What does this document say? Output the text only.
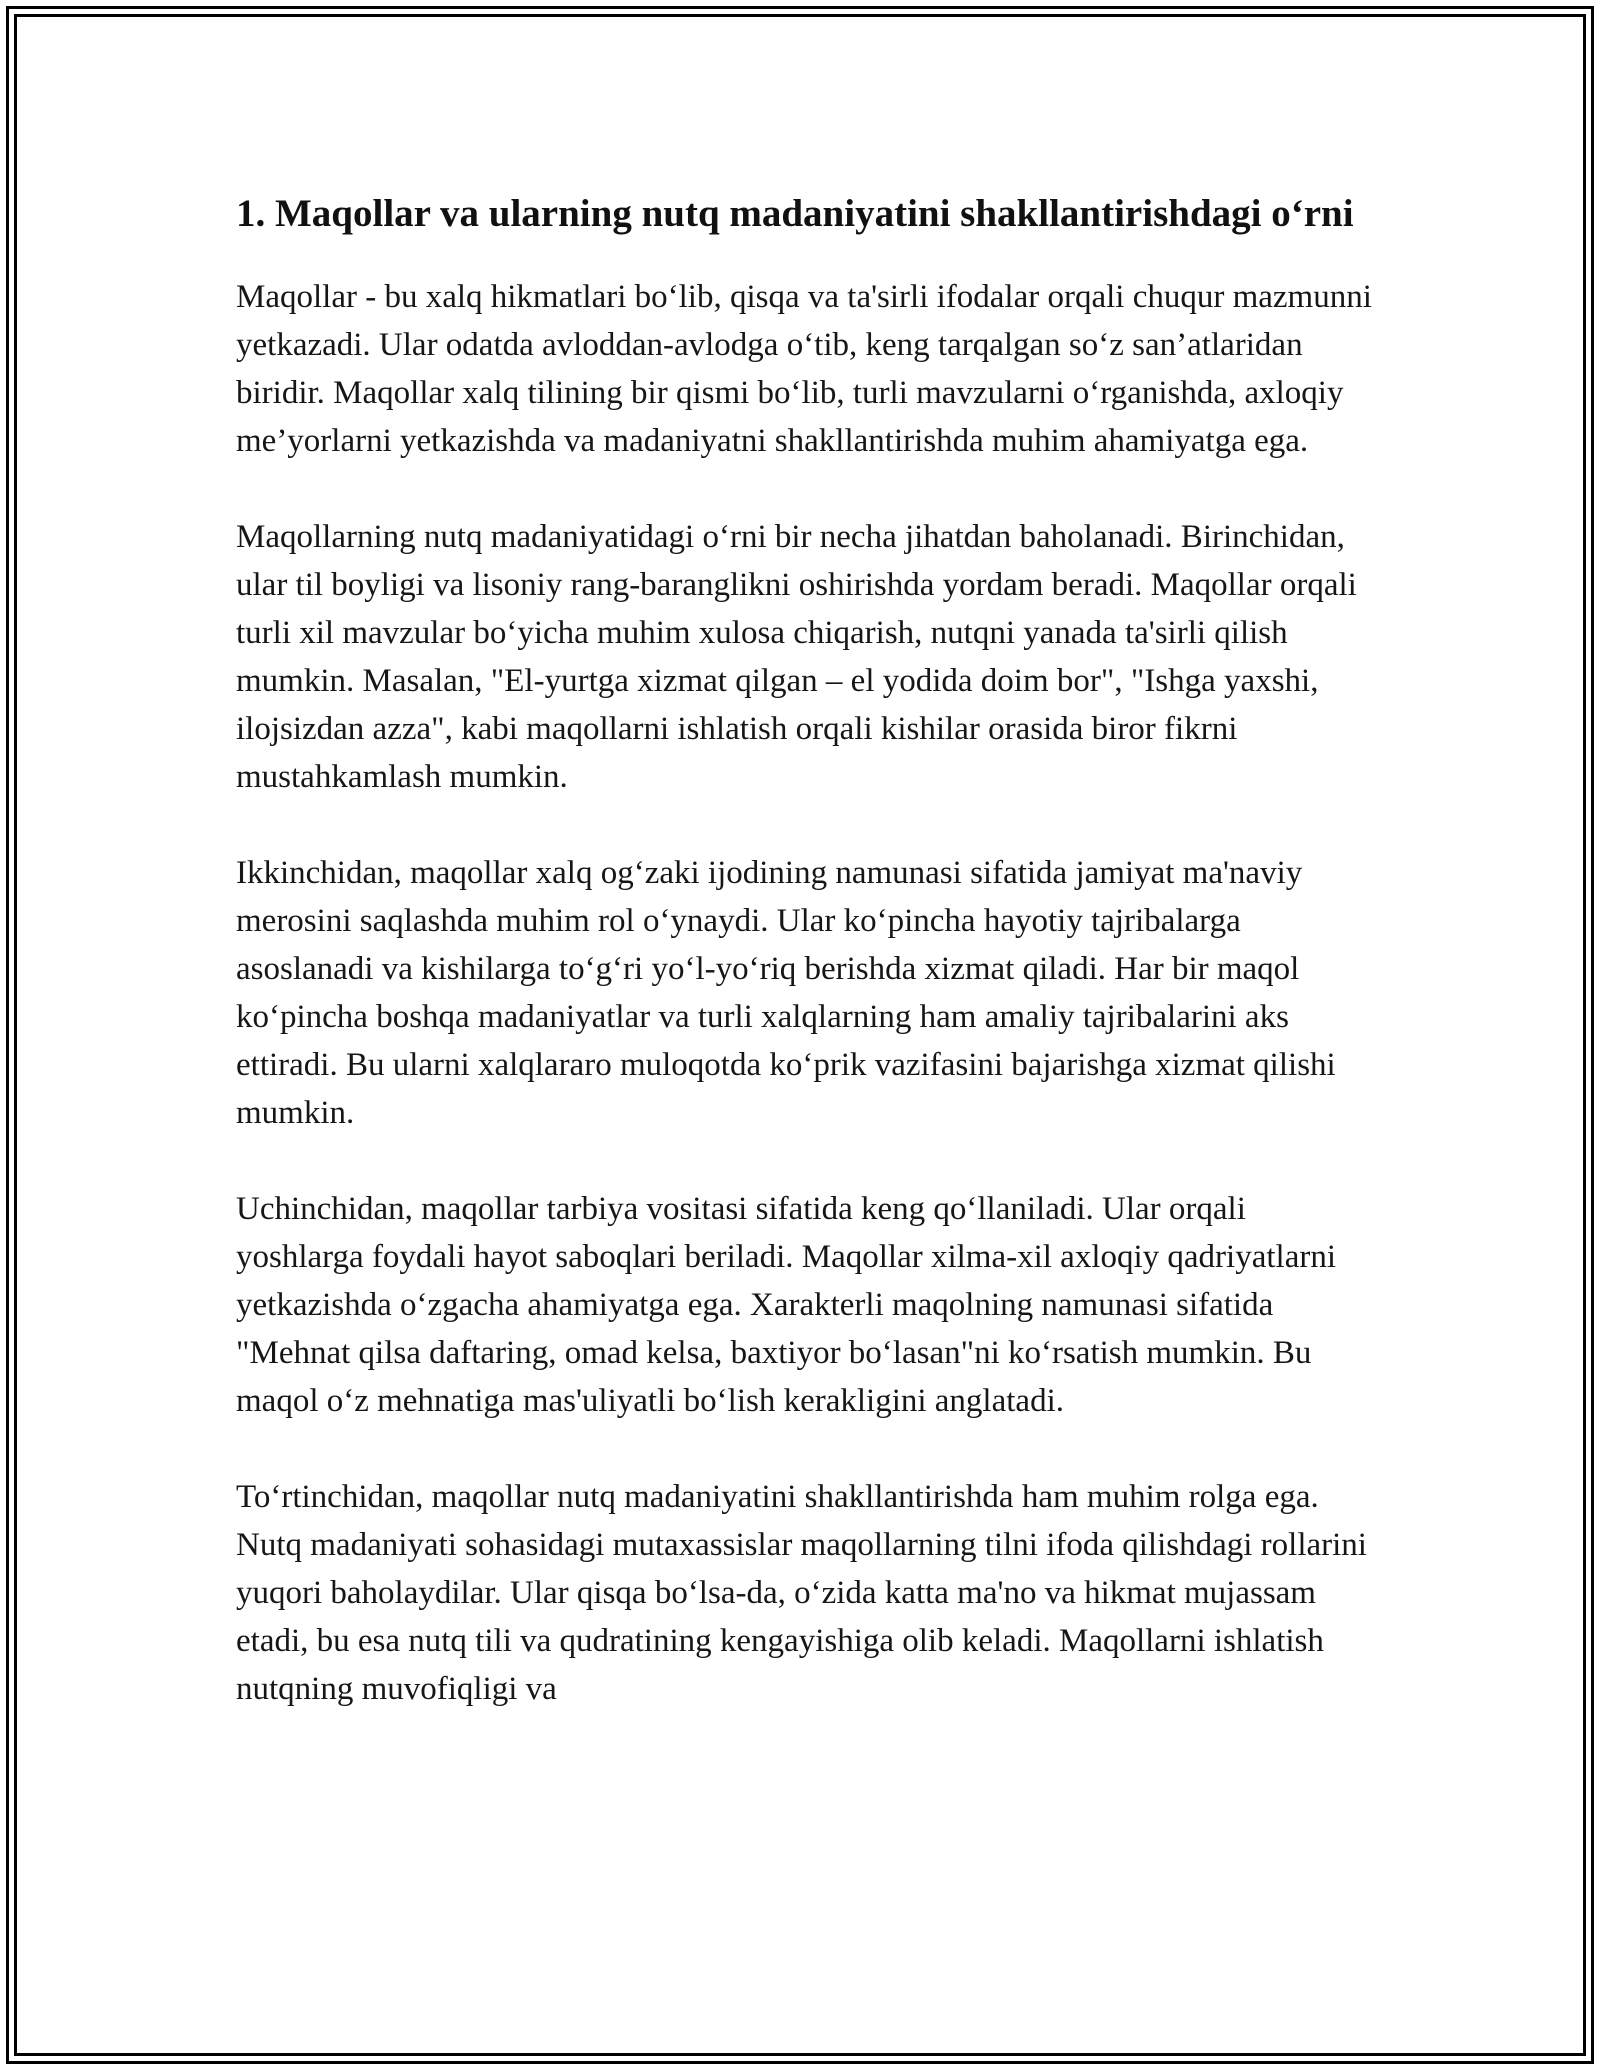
1. Maqollar va ularning nutq madaniyatini shakllantirishdagi o‘rni

Maqollar - bu xalq hikmatlari bo‘lib, qisqa va ta'sirli ifodalar orqali chuqur mazmunni yetkazadi. Ular odatda avloddan-avlodga o‘tib, keng tarqalgan so‘z san’atlaridan biridir. Maqollar xalq tilining bir qismi bo‘lib, turli mavzularni o‘rganishda, axloqiy me’yorlarni yetkazishda va madaniyatni shakllantirishda muhim ahamiyatga ega.

Maqollarning nutq madaniyatidagi o‘rni bir necha jihatdan baholanadi. Birinchidan, ular til boyligi va lisoniy rang-baranglikni oshirishda yordam beradi. Maqollar orqali turli xil mavzular bo‘yicha muhim xulosa chiqarish, nutqni yanada ta'sirli qilish mumkin. Masalan, "El-yurtga xizmat qilgan – el yodida doim bor", "Ishga yaxshi, ilojsizdan azza", kabi maqollarni ishlatish orqali kishilar orasida biror fikrni mustahkamlash mumkin.

Ikkinchidan, maqollar xalq og‘zaki ijodining namunasi sifatida jamiyat ma'naviy merosini saqlashda muhim rol o‘ynaydi. Ular ko‘pincha hayotiy tajribalarga asoslanadi va kishilarga to‘g‘ri yo‘l-yo‘riq berishda xizmat qiladi. Har bir maqol ko‘pincha boshqa madaniyatlar va turli xalqlarning ham amaliy tajribalarini aks ettiradi. Bu ularni xalqlararo muloqotda ko‘prik vazifasini bajarishga xizmat qilishi mumkin.

Uchinchidan, maqollar tarbiya vositasi sifatida keng qo‘llaniladi. Ular orqali yoshlarga foydali hayot saboqlari beriladi. Maqollar xilma-xil axloqiy qadriyatlarni yetkazishda o‘zgacha ahamiyatga ega. Xarakterli maqolning namunasi sifatida "Mehnat qilsa daftaring, omad kelsa, baxtiyor bo‘lasan"ni ko‘rsatish mumkin. Bu maqol o‘z mehnatiga mas'uliyatli bo‘lish kerakligini anglatadi.

To‘rtinchidan, maqollar nutq madaniyatini shakllantirishda ham muhim rolga ega. Nutq madaniyati sohasidagi mutaxassislar maqollarning tilni ifoda qilishdagi rollarini yuqori baholaydilar. Ular qisqa bo‘lsa-da, o‘zida katta ma'no va hikmat mujassam etadi, bu esa nutq tili va qudratining kengayishiga olib keladi. Maqollarni ishlatish nutqning muvofiqligi va
